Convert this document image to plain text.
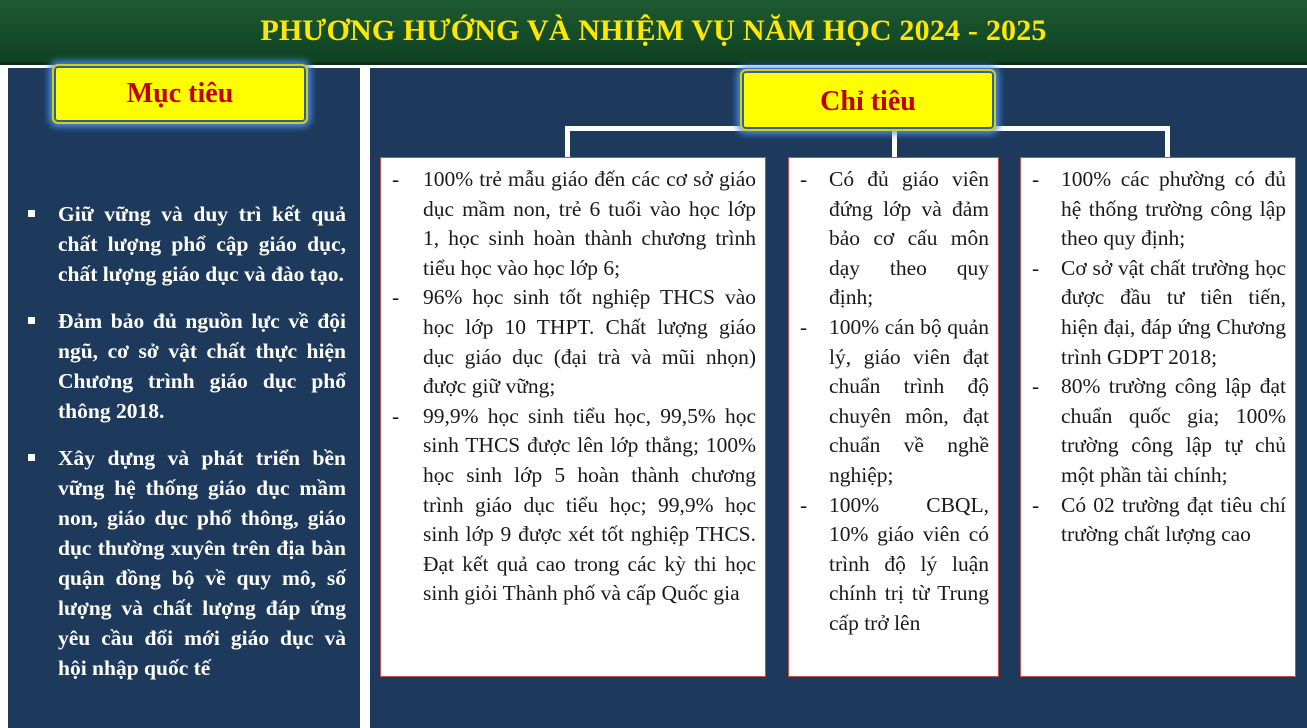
PHƯƠNG HƯỚNG VÀ NHIỆM VỤ NĂM HỌC 2024 - 2025
Giữ vững và duy trì kết quả chất lượng phổ cập giáo dục, chất lượng giáo dục và đào tạo.
Đảm bảo đủ nguồn lực về đội ngũ, cơ sở vật chất thực hiện Chương trình giáo dục phổ thông 2018.
Xây dựng và phát triển bền vững hệ thống giáo dục mầm non, giáo dục phổ thông, giáo dục thường xuyên trên địa bàn quận đồng bộ về quy mô, số lượng và chất lượng đáp ứng yêu cầu đổi mới giáo dục và hội nhập quốc tế
Mục tiêu	Chỉ tiêu
- 100% trẻ mẫu giáo đến các cơ sở giáo dục mầm non, trẻ 6 tuổi vào học lớp 1, học sinh hoàn thành chương trình tiểu học vào học lớp 6;
- 96% học sinh tốt nghiệp THCS vào học lớp 10 THPT. Chất lượng giáo dục giáo dục (đại trà và mũi nhọn) được giữ vững;
- 99,9% học sinh tiểu học, 99,5% học sinh THCS được lên lớp thẳng; 100% học sinh lớp 5 hoàn thành chương trình giáo dục tiểu học; 99,9% học sinh lớp 9 được xét tốt nghiệp THCS. Đạt kết quả cao trong các kỳ thi học sinh giỏi Thành phố và cấp Quốc gia
- Có đủ giáo viên đứng lớp và đảm bảo cơ cấu môn dạy theo quy định;
- 100% cán bộ quản lý, giáo viên đạt chuẩn trình độ chuyên môn, đạt chuẩn về nghề nghiệp;
- 100% CBQL, 10% giáo viên có trình độ lý luận chính trị từ Trung cấp trở lên
- 100% các phường có đủ hệ thống trường công lập theo quy định;
- Cơ sở vật chất trường học được đầu tư tiên tiến, hiện đại, đáp ứng Chương trình GDPT 2018;
- 80% trường công lập đạt chuẩn quốc gia; 100% trường công lập tự chủ một phần tài chính;
- Có 02 trường đạt tiêu chí trường chất lượng cao
